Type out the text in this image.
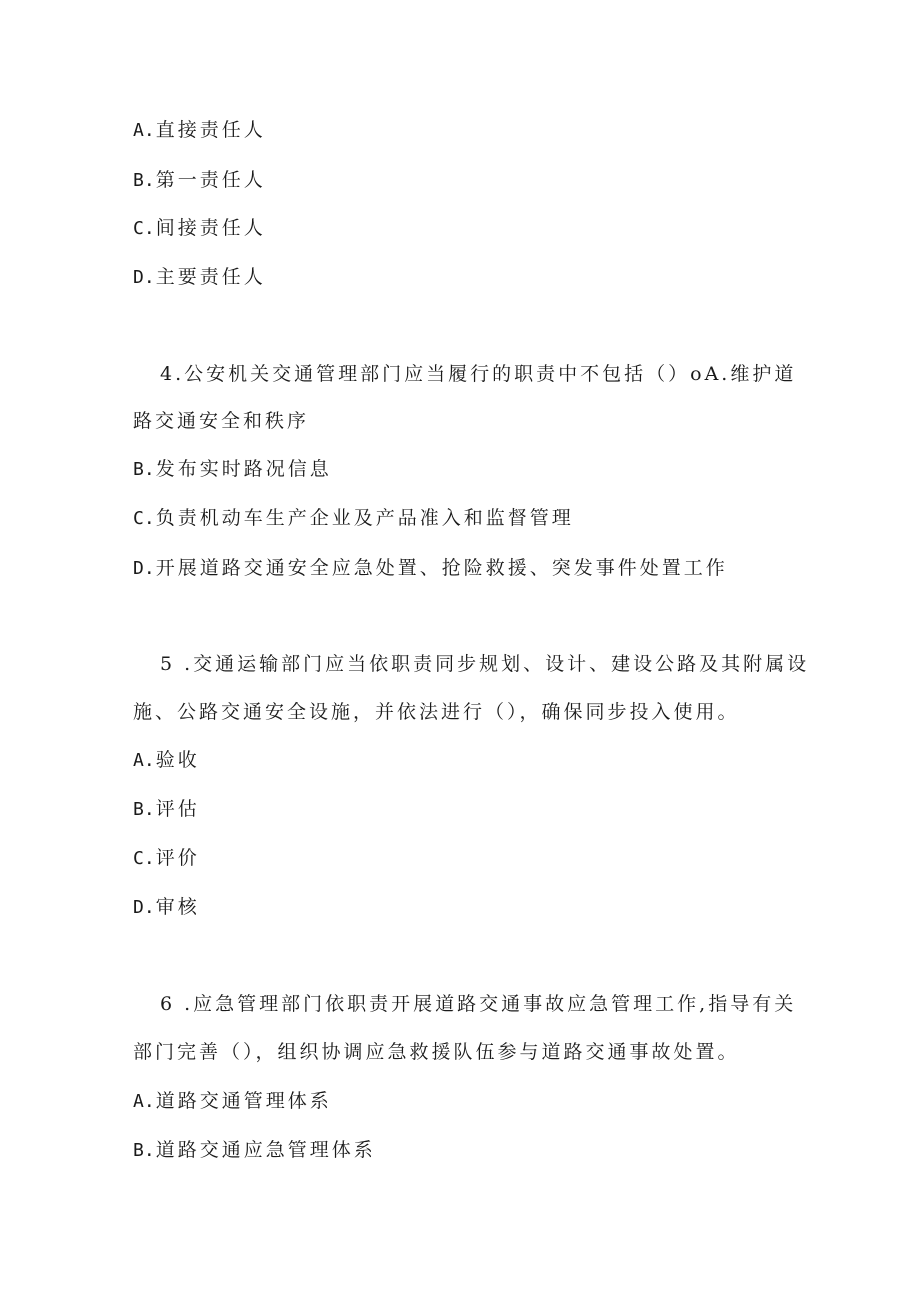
A.直接责任人
B.第一责任人
C.间接责任人
D.主要责任人
4.公安机关交通管理部门应当履行的职责中不包括（）oA.维护道
路交通安全和秩序
B.发布实时路况信息
C.负责机动车生产企业及产品准入和监督管理
D.开展道路交通安全应急处置、抢险救援、突发事件处置工作
5 .交通运输部门应当依职责同步规划、设计、建设公路及其附属设
施、公路交通安全设施，并依法进行（），确保同步投入使用。
A.验收
B.评估
C.评价
D.审核
6 .应急管理部门依职责开展道路交通事故应急管理工作,指导有关
部门完善（），组织协调应急救援队伍参与道路交通事故处置。
A.道路交通管理体系
B.道路交通应急管理体系
